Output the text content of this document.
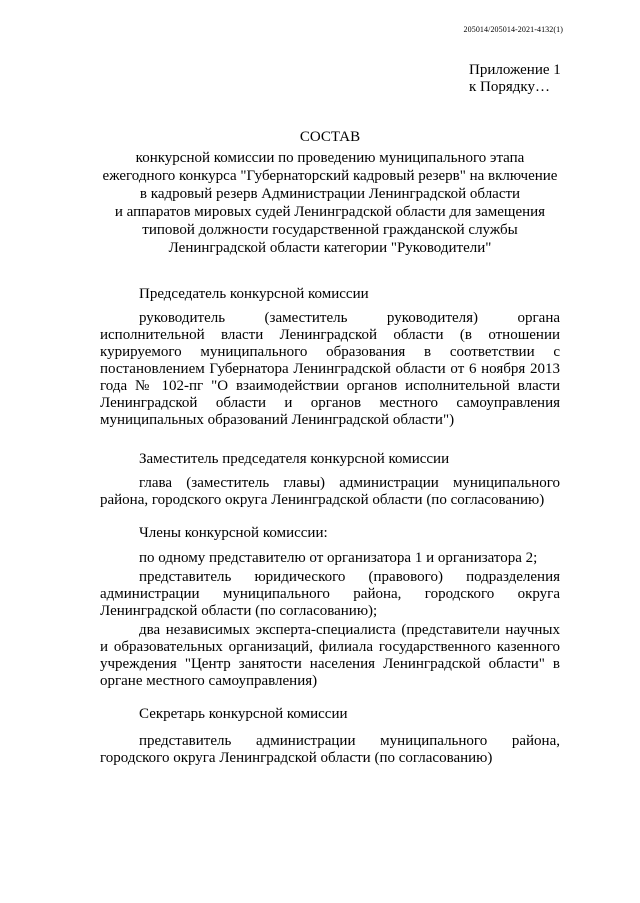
205014/205014-2021-4132(1)
Приложение 1
к Порядку…
СОСТАВ
конкурсной комиссии по проведению муниципального этапа
ежегодного конкурса "Губернаторский кадровый резерв" на включение
в кадровый резерв Администрации Ленинградской области
и аппаратов мировых судей Ленинградской области для замещения
типовой должности государственной гражданской службы
Ленинградской области категории "Руководители"
Председатель конкурсной комиссии

руководитель (заместитель руководителя) органа исполнительной власти Ленинградской области (в отношении курируемого муниципального образования в соответствии с постановлением Губернатора Ленинградской области от 6 ноября 2013 года № 102-пг "О взаимодействии органов исполнительной власти Ленинградской области и органов местного самоуправления муниципальных образований Ленинградской области")

Заместитель председателя конкурсной комиссии

глава (заместитель главы) администрации муниципального района, городского округа Ленинградской области (по согласованию)

Члены конкурсной комиссии:

по одному представителю от организатора 1 и организатора 2;

представитель юридического (правового) подразделения администрации муниципального района, городского округа Ленинградской области (по согласованию);

два независимых эксперта-специалиста (представители научных и образовательных организаций, филиала государственного казенного учреждения "Центр занятости населения Ленинградской области" в органе местного самоуправления)

Секретарь конкурсной комиссии

представитель администрации муниципального района, городского округа Ленинградской области (по согласованию)
